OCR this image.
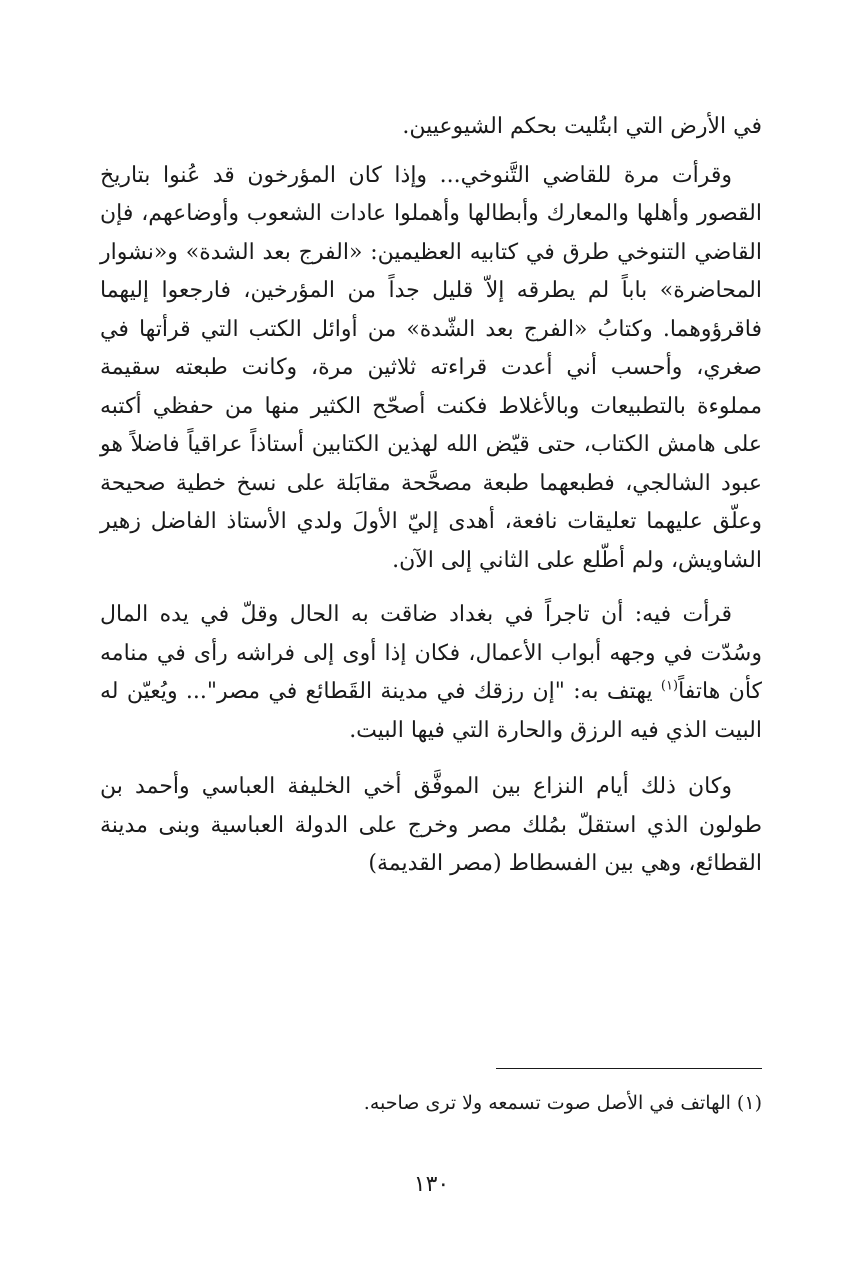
في الأرض التي ابتُليت بحكم الشيوعيين.

وقرأت مرة للقاضي التَّنوخي... وإذا كان المؤرخون قد عُنوا بتاريخ القصور وأهلها والمعارك وأبطالها وأهملوا عادات الشعوب وأوضاعهم، فإن القاضي التنوخي طرق في كتابيه العظيمين: «الفرج بعد الشدة» و«نشوار المحاضرة» باباً لم يطرقه إلاّ قليل جداً من المؤرخين، فارجعوا إليهما فاقرؤوهما. وكتابُ «الفرج بعد الشّدة» من أوائل الكتب التي قرأتها في صغري، وأحسب أني أعدت قراءته ثلاثين مرة، وكانت طبعته سقيمة مملوءة بالتطبيعات وبالأغلاط فكنت أصحّح الكثير منها من حفظي أكتبه على هامش الكتاب، حتى قيّض الله لهذين الكتابين أستاذاً عراقياً فاضلاً هو عبود الشالجي، فطبعهما طبعة مصحَّحة مقابَلة على نسخ خطية صحيحة وعلّق عليهما تعليقات نافعة، أهدى إليّ الأولَ ولدي الأستاذ الفاضل زهير الشاويش، ولم أطّلع على الثاني إلى الآن.

قرأت فيه: أن تاجراً في بغداد ضاقت به الحال وقلّ في يده المال وسُدّت في وجهه أبواب الأعمال، فكان إذا أوى إلى فراشه رأى في منامه كأن هاتفاً$^{(١)}$ يهتف به: "إن رزقك في مدينة القَطائع في مصر"... ويُعيّن له البيت الذي فيه الرزق والحارة التي فيها البيت.

وكان ذلك أيام النزاع بين الموفَّق أخي الخليفة العباسي وأحمد بن طولون الذي استقلّ بمُلك مصر وخرج على الدولة العباسية وبنى مدينة القطائع، وهي بين الفسطاط (مصر القديمة)

(١) الهاتف في الأصل صوت تسمعه ولا ترى صاحبه.

١٣٠
